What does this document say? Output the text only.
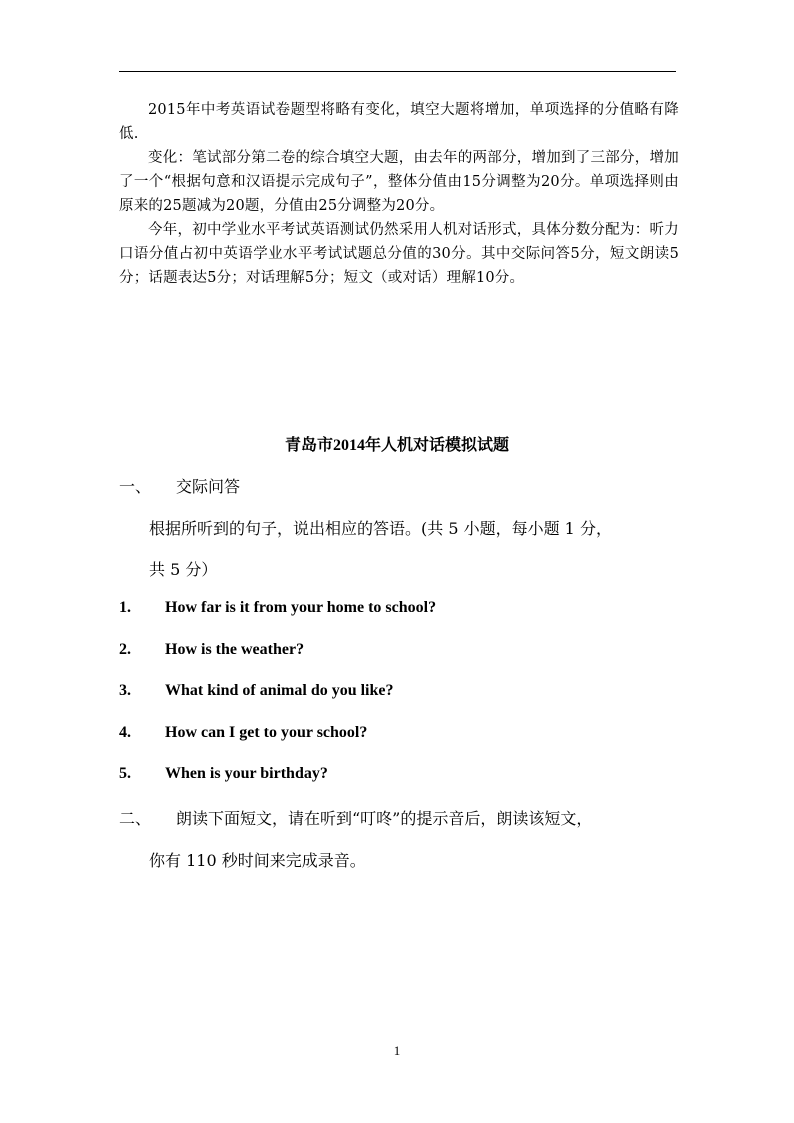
2015年中考英语试卷题型将略有变化，填空大题将增加，单项选择的分值略有降低.

变化：笔试部分第二卷的综合填空大题，由去年的两部分，增加到了三部分，增加了一个“根据句意和汉语提示完成句子”，整体分值由15分调整为20分。单项选择则由原来的25题减为20题，分值由25分调整为20分。

今年，初中学业水平考试英语测试仍然采用人机对话形式，具体分数分配为：听力口语分值占初中英语学业水平考试试题总分值的30分。其中交际问答5分，短文朗读5分；话题表达5分；对话理解5分；短文（或对话）理解10分。

青岛市2014年人机对话模拟试题
一、 交际问答
根据所听到的句子，说出相应的答语。(共 5 小题，每小题 1 分，
共 5 分）
1. How far is it from your home to school?
2. How is the weather?
3. What kind of animal do you like?
4. How can I get to your school?
5. When is your birthday?
二、 朗读下面短文，请在听到“叮咚”的提示音后，朗读该短文，
你有 110 秒时间来完成录音。
1
